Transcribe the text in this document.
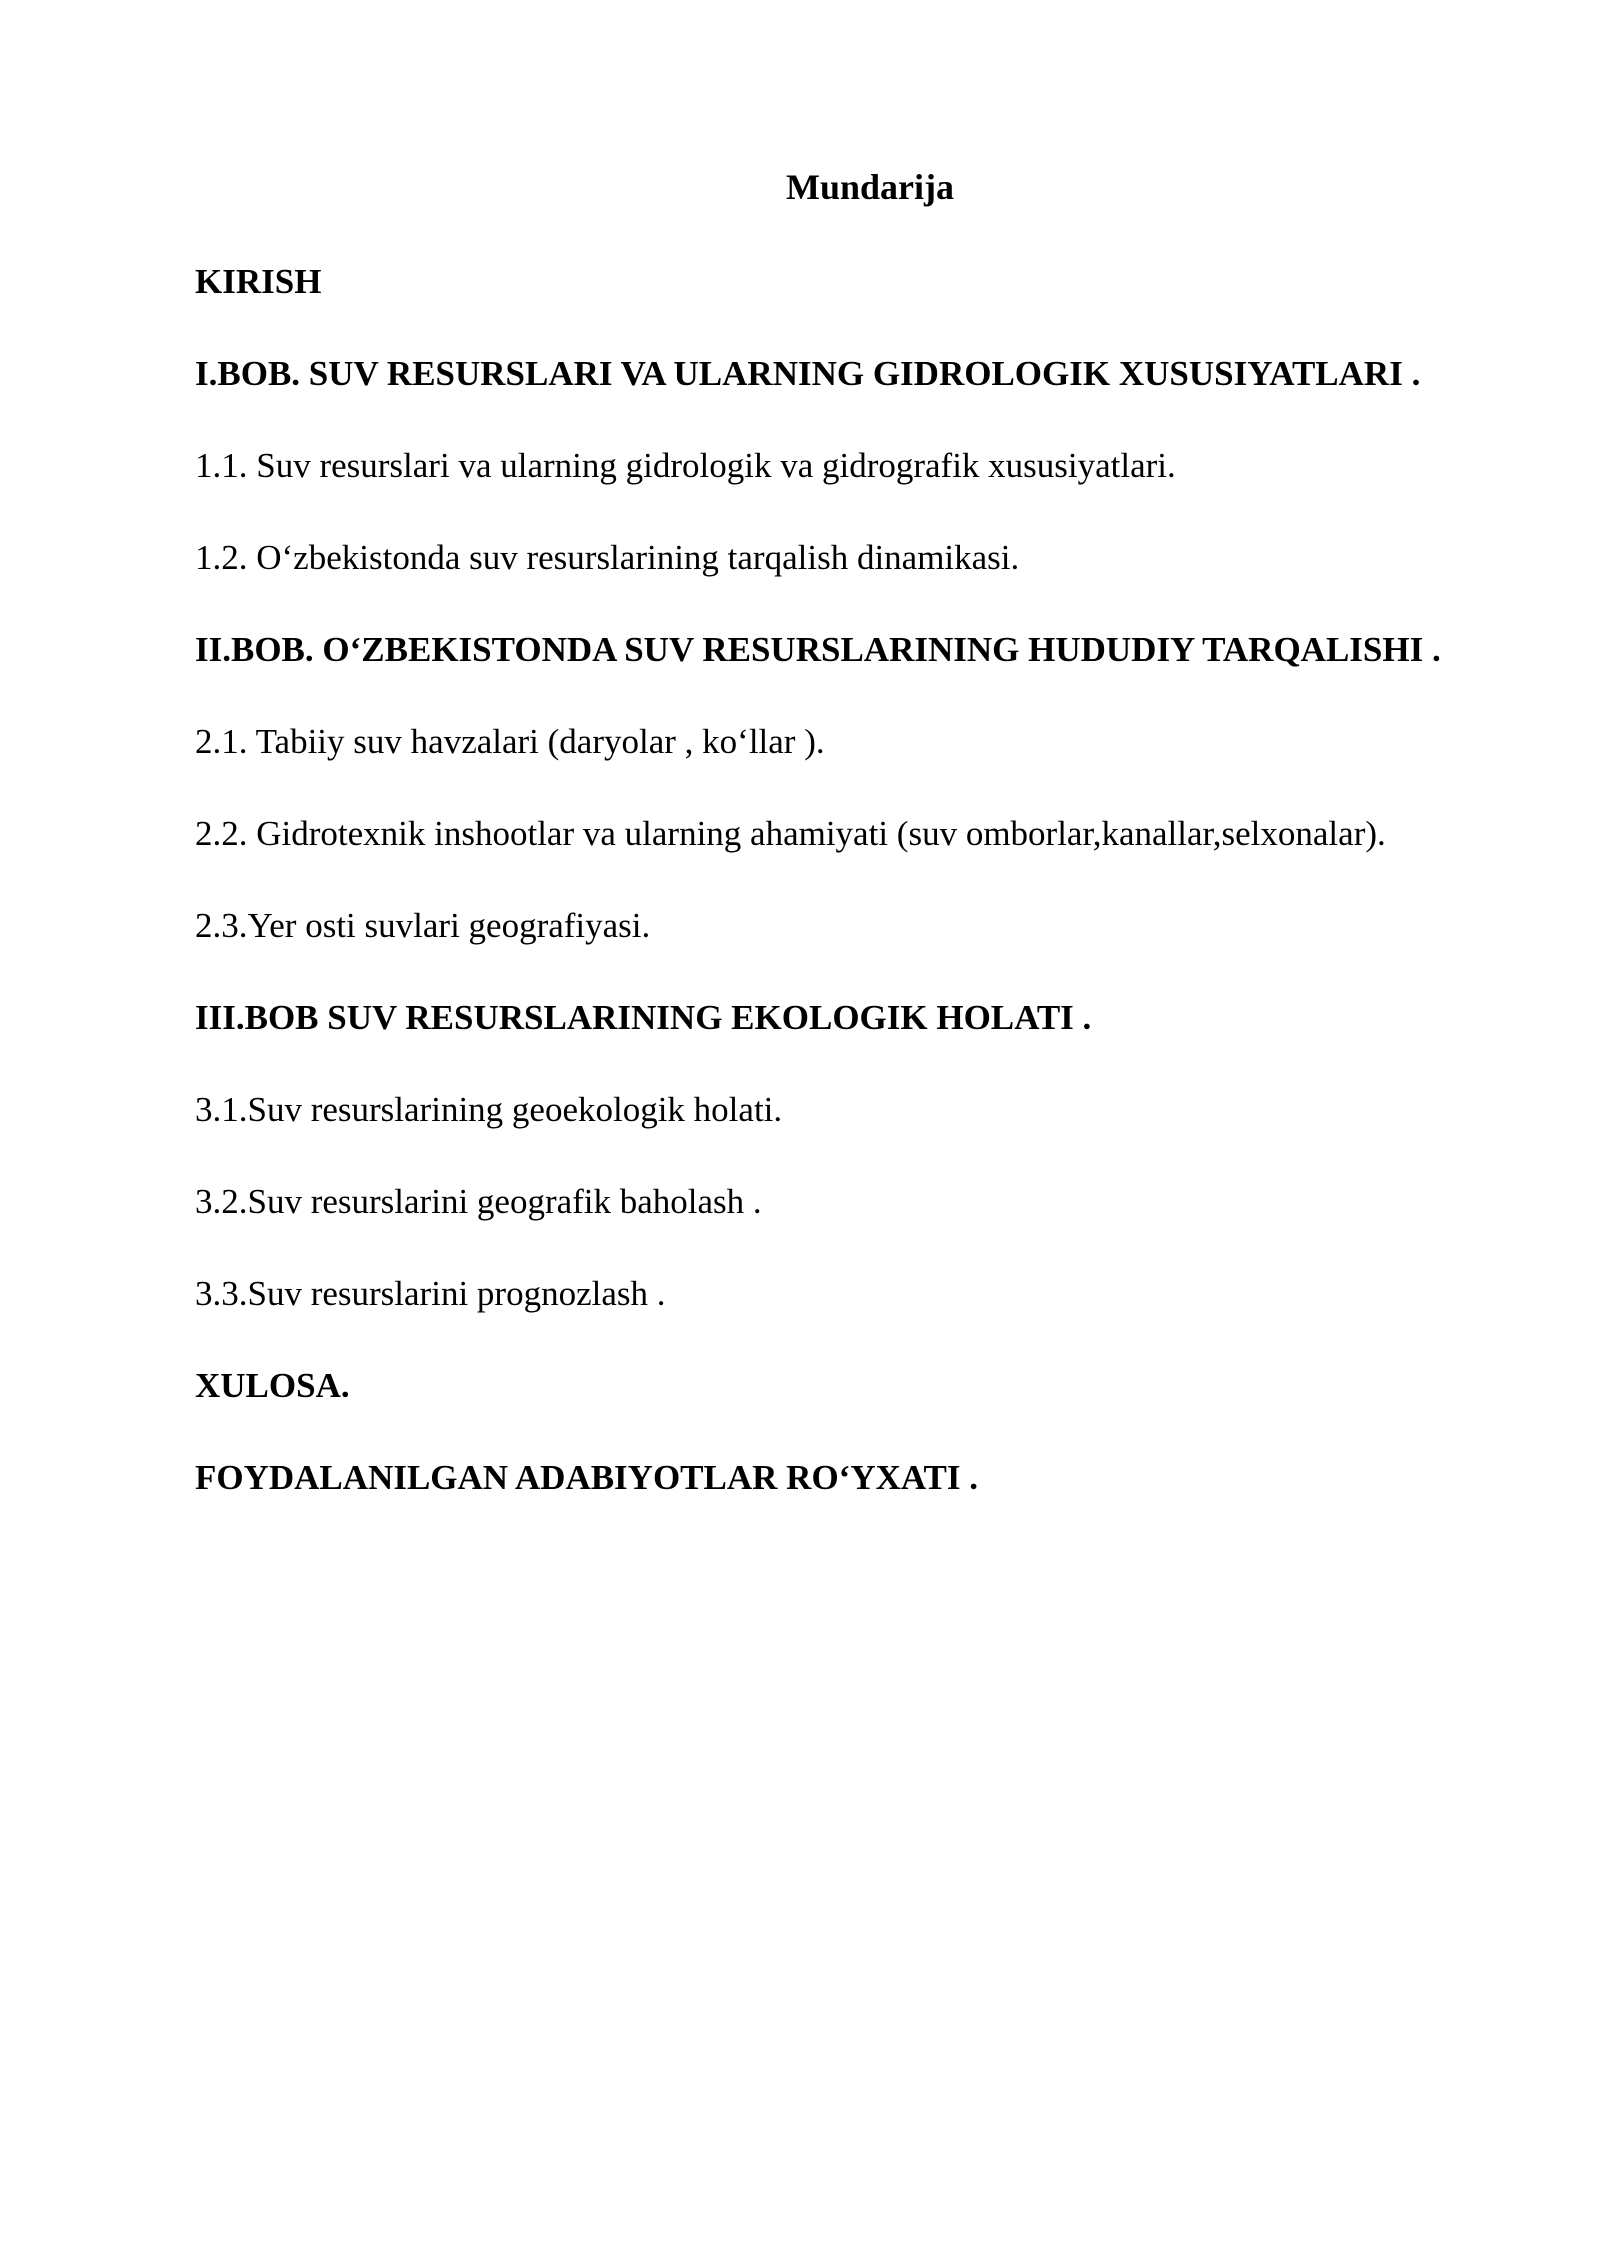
Mundarija
KIRISH
I.BOB. SUV RESURSLARI VA ULARNING GIDROLOGIK XUSUSIYATLARI .
1.1. Suv resurslari va ularning gidrologik va gidrografik xususiyatlari.
1.2. O‘zbekistonda suv resurslarining tarqalish dinamikasi.
II.BOB. O‘ZBEKISTONDA SUV RESURSLARINING HUDUDIY TARQALISHI .
2.1. Tabiiy suv havzalari (daryolar , ko‘llar ).
2.2. Gidrotexnik inshootlar va ularning ahamiyati (suv omborlar,kanallar,selxonalar).
2.3.Yer osti suvlari geografiyasi.
III.BOB SUV RESURSLARINING EKOLOGIK HOLATI .
3.1.Suv resurslarining geoekologik holati.
3.2.Suv resurslarini geografik baholash .
3.3.Suv resurslarini prognozlash .
XULOSA.
FOYDALANILGAN ADABIYOTLAR RO‘YXATI .
